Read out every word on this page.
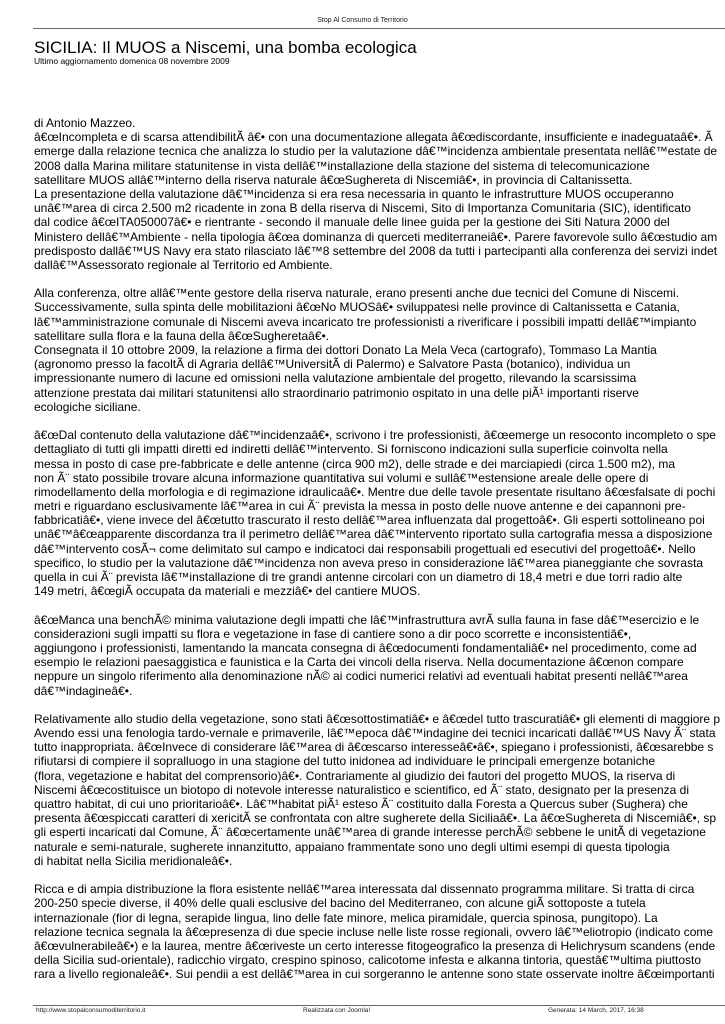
Stop Al Consumo di Territorio
SICILIA: Il MUOS a Niscemi, una bomba ecologica
Ultimo aggiornamento domenica 08 novembre 2009

di Antonio Mazzeo.
â€œIncompleta e di scarsa attendibilitÃ â€• con una documentazione allegata â€œdiscordante, insufficiente e inadeguataâ€•. Ã
emerge dalla relazione tecnica che analizza lo studio per la valutazione dâ€™incidenza ambientale presentata nellâ€™estate de
2008 dalla Marina militare statunitense in vista dellâ€™installazione della stazione del sistema di telecomunicazione
satellitare MUOS allâ€™interno della riserva naturale â€œSughereta di Niscemiâ€•, in provincia di Caltanissetta.
La presentazione della valutazione dâ€™incidenza si era resa necessaria in quanto le infrastrutture MUOS occuperanno
unâ€™area di circa 2.500 m2 ricadente in zona B della riserva di Niscemi, Sito di Importanza Comunitaria (SIC), identificato
dal codice â€œITA050007â€• e rientrante - secondo il manuale delle linee guida per la gestione dei Siti Natura 2000 del
Ministero dellâ€™Ambiente - nella tipologia â€œa dominanza di querceti mediterraneiâ€•. Parere favorevole sullo â€œstudio am
predisposto dallâ€™US Navy era stato rilasciato lâ€™8 settembre del 2008 da tutti i partecipanti alla conferenza dei servizi indet
dallâ€™Assessorato regionale al Territorio ed Ambiente.

Alla conferenza, oltre allâ€™ente gestore della riserva naturale, erano presenti anche due tecnici del Comune di Niscemi.
Successivamente, sulla spinta delle mobilitazioni â€œNo MUOSâ€• sviluppatesi nelle province di Caltanissetta e Catania,
lâ€™amministrazione comunale di Niscemi aveva incaricato tre professionisti a riverificare i possibili impatti dellâ€™impianto
satellitare sulla flora e la fauna della â€œSugheretaâ€•.
Consegnata il 10 ottobre 2009, la relazione a firma dei dottori Donato La Mela Veca (cartografo), Tommaso La Mantia
(agronomo presso la facoltÃ di Agraria dellâ€™UniversitÃ di Palermo) e Salvatore Pasta (botanico), individua un
impressionante numero di lacune ed omissioni nella valutazione ambientale del progetto, rilevando la scarsissima
attenzione prestata dai militari statunitensi allo straordinario patrimonio ospitato in una delle piÃ¹ importanti riserve
ecologiche siciliane.

â€œDal contenuto della valutazione dâ€™incidenzaâ€•, scrivono i tre professionisti, â€œemerge un resoconto incompleto o spe
dettagliato di tutti gli impatti diretti ed indiretti dellâ€™intervento. Si forniscono indicazioni sulla superficie coinvolta nella
messa in posto di case pre-fabbricate e delle antenne (circa 900 m2), delle strade e dei marciapiedi (circa 1.500 m2), ma
non Ã¨ stato possibile trovare alcuna informazione quantitativa sui volumi e sullâ€™estensione areale delle opere di
rimodellamento della morfologia e di regimazione idraulicaâ€•. Mentre due delle tavole presentate risultano â€œsfalsate di pochi
metri e riguardano esclusivamente lâ€™area in cui Ã¨ prevista la messa in posto delle nuove antenne e dei capannoni pre-
fabbricatiâ€•, viene invece del â€œtutto trascurato il resto dellâ€™area influenzata dal progettoâ€•. Gli esperti sottolineano poi
unâ€™â€œapparente discordanza tra il perimetro dellâ€™area dâ€™intervento riportato sulla cartografia messa a disposizione
dâ€™intervento cosÃ¬ come delimitato sul campo e indicatoci dai responsabili progettuali ed esecutivi del progettoâ€•. Nello
specifico, lo studio per la valutazione dâ€™incidenza non aveva preso in considerazione lâ€™area pianeggiante che sovrasta
quella in cui Ã¨ prevista lâ€™installazione di tre grandi antenne circolari con un diametro di 18,4 metri e due torri radio alte
149 metri, â€œgiÃ occupata da materiali e mezziâ€• del cantiere MUOS.

â€œManca una benchÃ© minima valutazione degli impatti che lâ€™infrastruttura avrÃ sulla fauna in fase dâ€™esercizio e le
considerazioni sugli impatti su flora e vegetazione in fase di cantiere sono a dir poco scorrette e inconsistentiâ€•,
aggiungono i professionisti, lamentando la mancata consegna di â€œdocumenti fondamentaliâ€• nel procedimento, come ad
esempio le relazioni paesaggistica e faunistica e la Carta dei vincoli della riserva. Nella documentazione â€œnon compare
neppure un singolo riferimento alla denominazione nÃ© ai codici numerici relativi ad eventuali habitat presenti nellâ€™area
dâ€™indagineâ€•.

Relativamente allo studio della vegetazione, sono stati â€œsottostimatiâ€• e â€œdel tutto trascuratiâ€• gli elementi di maggiore p
Avendo essi una fenologia tardo-vernale e primaverile, lâ€™epoca dâ€™indagine dei tecnici incaricati dallâ€™US Navy Ã¨ stata
tutto inappropriata. â€œInvece di considerare lâ€™area di â€œscarso interesseâ€•â€•, spiegano i professionisti, â€œsarebbe s
rifiutarsi di compiere il sopralluogo in una stagione del tutto inidonea ad individuare le principali emergenze botaniche
(flora, vegetazione e habitat del comprensorio)â€•. Contrariamente al giudizio dei fautori del progetto MUOS, la riserva di
Niscemi â€œcostituisce un biotopo di notevole interesse naturalistico e scientifico, ed Ã¨ stato, designato per la presenza di
quattro habitat, di cui uno prioritarioâ€•. Lâ€™habitat piÃ¹ esteso Ã¨ costituito dalla Foresta a Quercus suber (Sughera) che
presenta â€œspiccati caratteri di xericitÃ se confrontata con altre sugherete della Siciliaâ€•. La â€œSughereta di Niscemiâ€•, sp
gli esperti incaricati dal Comune, Ã¨ â€œcertamente unâ€™area di grande interesse perchÃ© sebbene le unitÃ di vegetazione
naturale e semi-naturale, sugherete innanzitutto, appaiano frammentate sono uno degli ultimi esempi di questa tipologia
di habitat nella Sicilia meridionaleâ€•.

Ricca e di ampia distribuzione la flora esistente nellâ€™area interessata dal dissennato programma militare. Si tratta di circa
200-250 specie diverse, il 40% delle quali esclusive del bacino del Mediterraneo, con alcune giÃ sottoposte a tutela
internazionale (fior di legna, serapide lingua, lino delle fate minore, melica piramidale, quercia spinosa, pungitopo). La
relazione tecnica segnala la â€œpresenza di due specie incluse nelle liste rosse regionali, ovvero lâ€™eliotropio (indicato come
â€œvulnerabileâ€•) e la laurea, mentre â€œriveste un certo interesse fitogeografico la presenza di Helichrysum scandens (ende
della Sicilia sud-orientale), radicchio virgato, crespino spinoso, calicotome infesta e alkanna tintoria, questâ€™ultima piuttosto
rara a livello regionaleâ€•. Sui pendii a est dellâ€™area in cui sorgeranno le antenne sono state osservate inoltre â€œimportanti

http://www.stopalconsumoditerritorio.it	Realizzata con Joomla!	Generata: 14 March, 2017, 16:38
